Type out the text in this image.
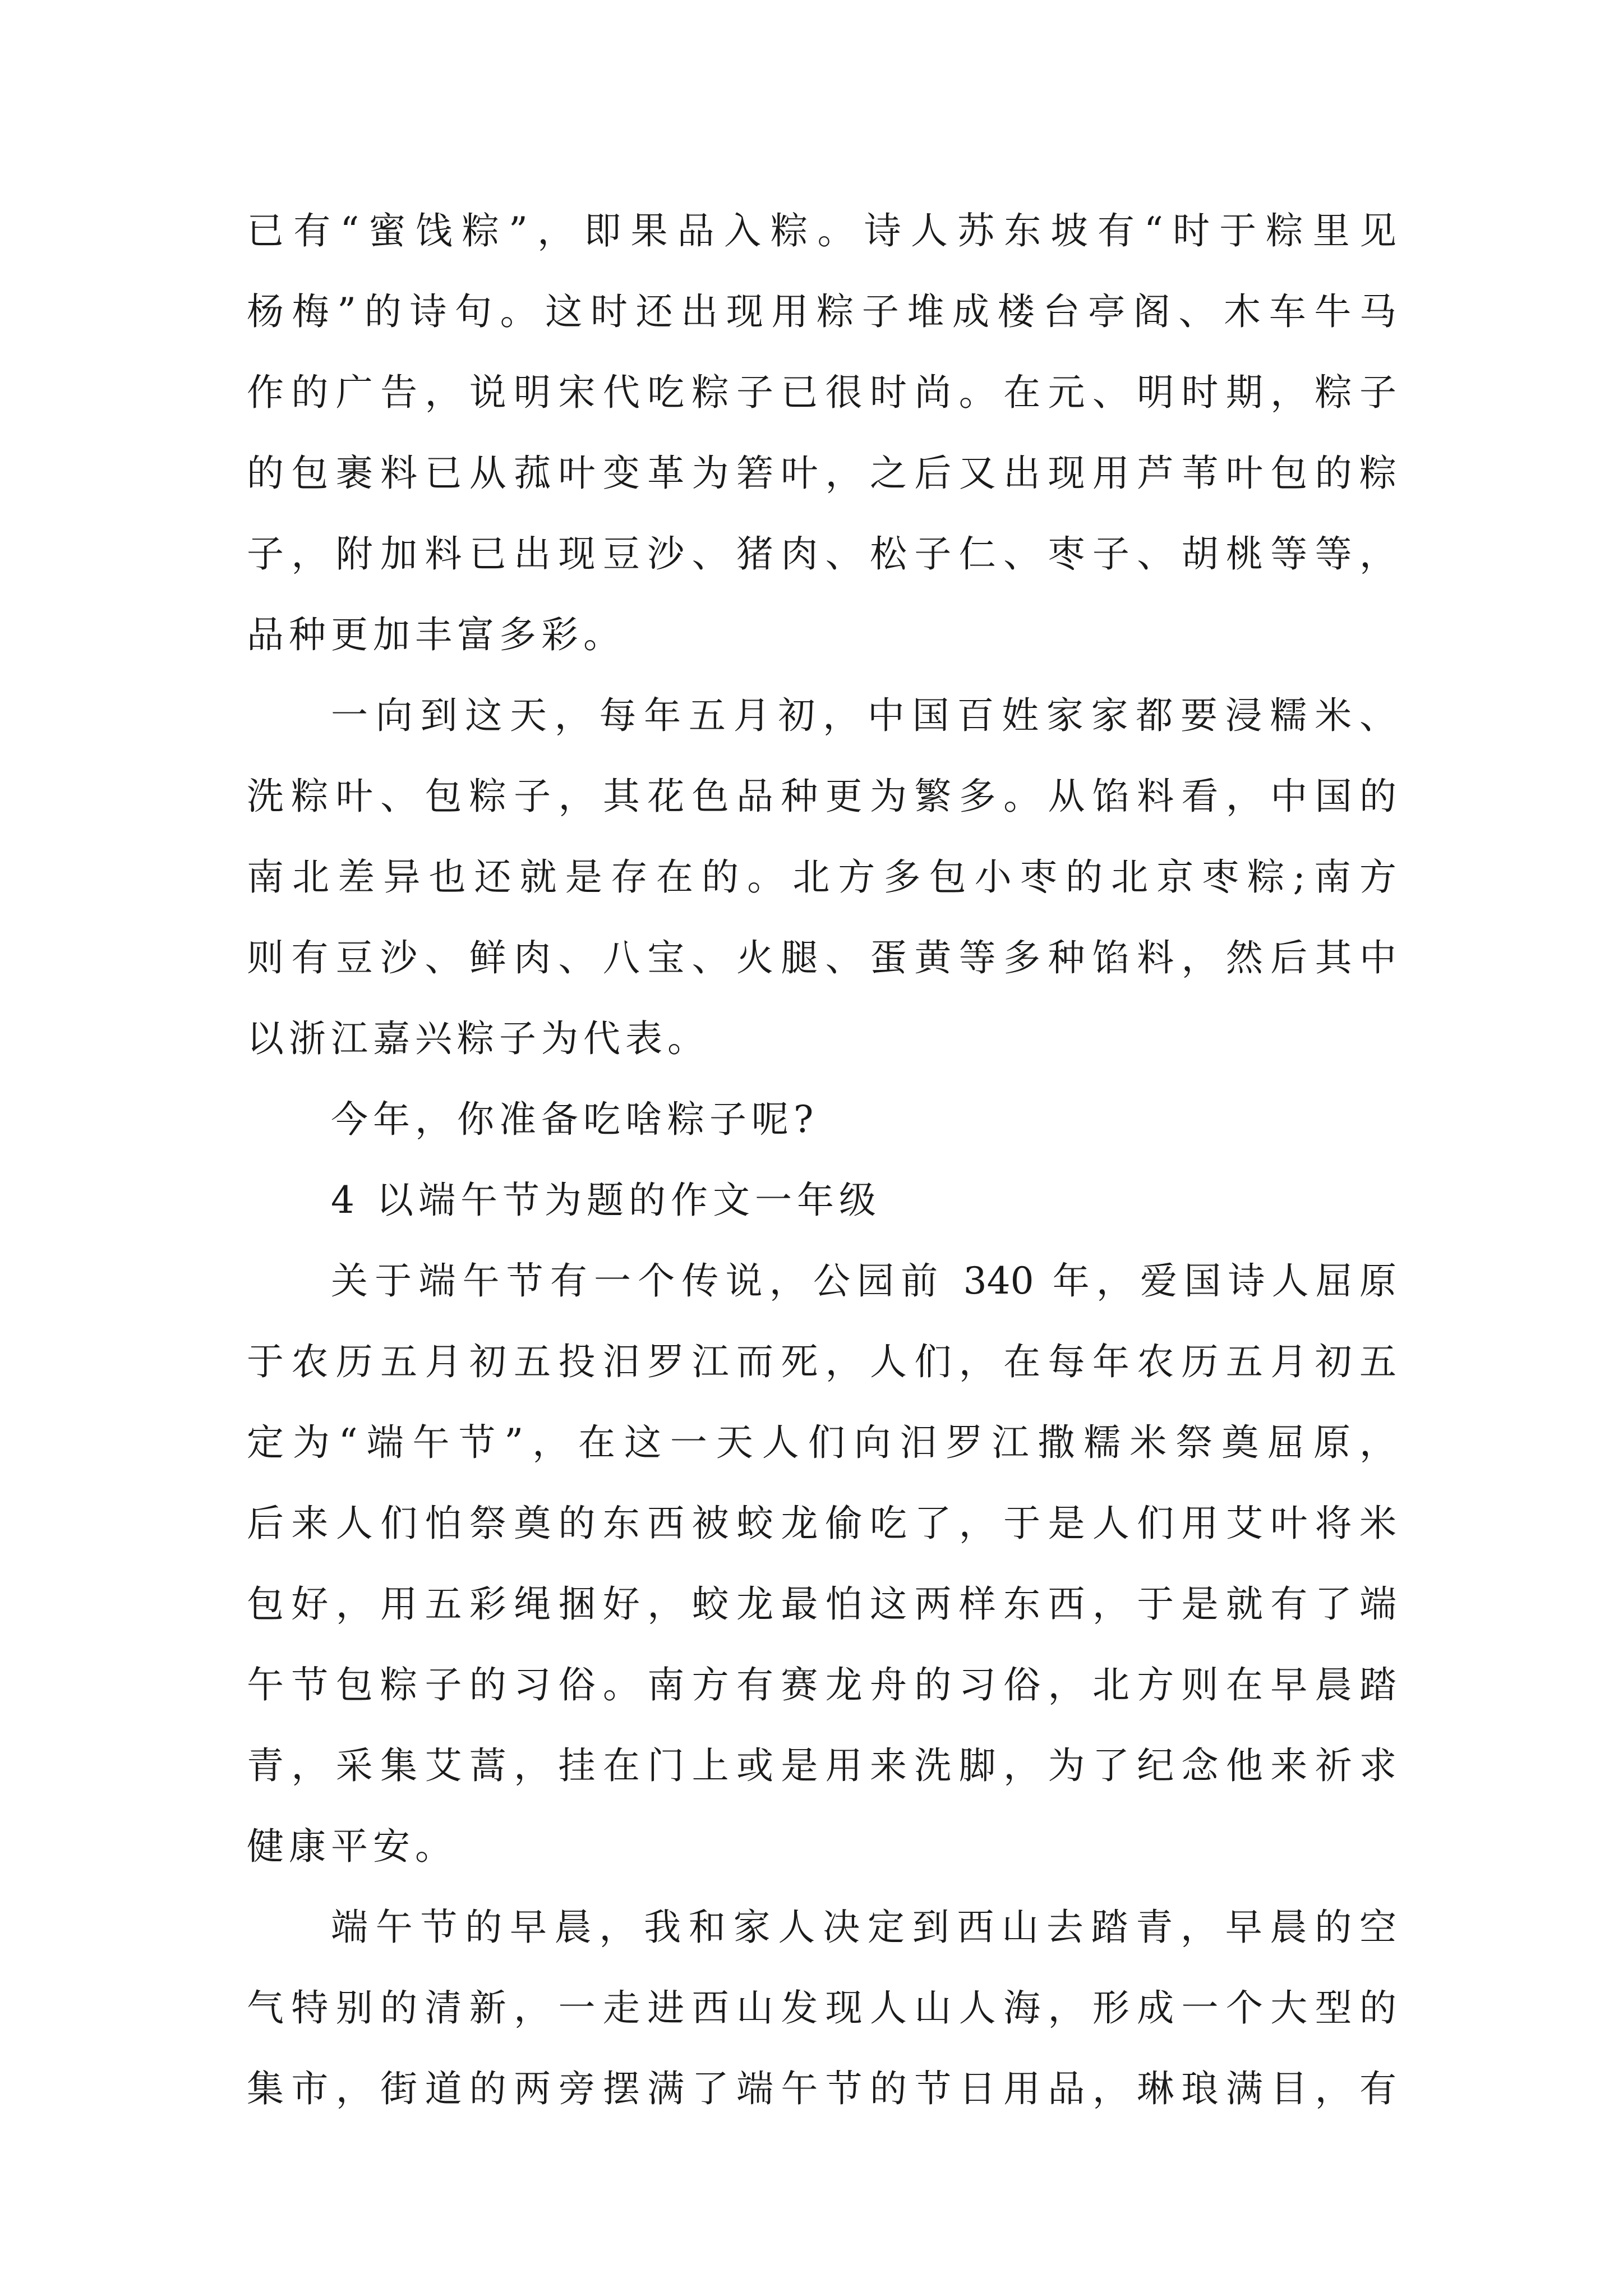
已有“蜜饯粽”，即果品入粽。诗人苏东坡有“时于粽里见
杨梅”的诗句。这时还出现用粽子堆成楼台亭阁、木车牛马
作的广告，说明宋代吃粽子已很时尚。在元、明时期，粽子
的包裹料已从菰叶变革为箬叶，之后又出现用芦苇叶包的粽
子，附加料已出现豆沙、猪肉、松子仁、枣子、胡桃等等，
品种更加丰富多彩。
一向到这天，每年五月初，中国百姓家家都要浸糯米、
洗粽叶、包粽子，其花色品种更为繁多。从馅料看，中国的
南北差异也还就是存在的。北方多包小枣的北京枣粽;南方
则有豆沙、鲜肉、八宝、火腿、蛋黄等多种馅料，然后其中
以浙江嘉兴粽子为代表。
今年，你准备吃啥粽子呢?
4 以端午节为题的作文一年级
关于端午节有一个传说，公园前 340 年，爱国诗人屈原
于农历五月初五投汨罗江而死，人们，在每年农历五月初五
定为“端午节”，在这一天人们向汨罗江撒糯米祭奠屈原，
后来人们怕祭奠的东西被蛟龙偷吃了，于是人们用艾叶将米
包好，用五彩绳捆好，蛟龙最怕这两样东西，于是就有了端
午节包粽子的习俗。南方有赛龙舟的习俗，北方则在早晨踏
青，采集艾蒿，挂在门上或是用来洗脚，为了纪念他来祈求
健康平安。
端午节的早晨，我和家人决定到西山去踏青，早晨的空
气特别的清新，一走进西山发现人山人海，形成一个大型的
集市，街道的两旁摆满了端午节的节日用品，琳琅满目，有
